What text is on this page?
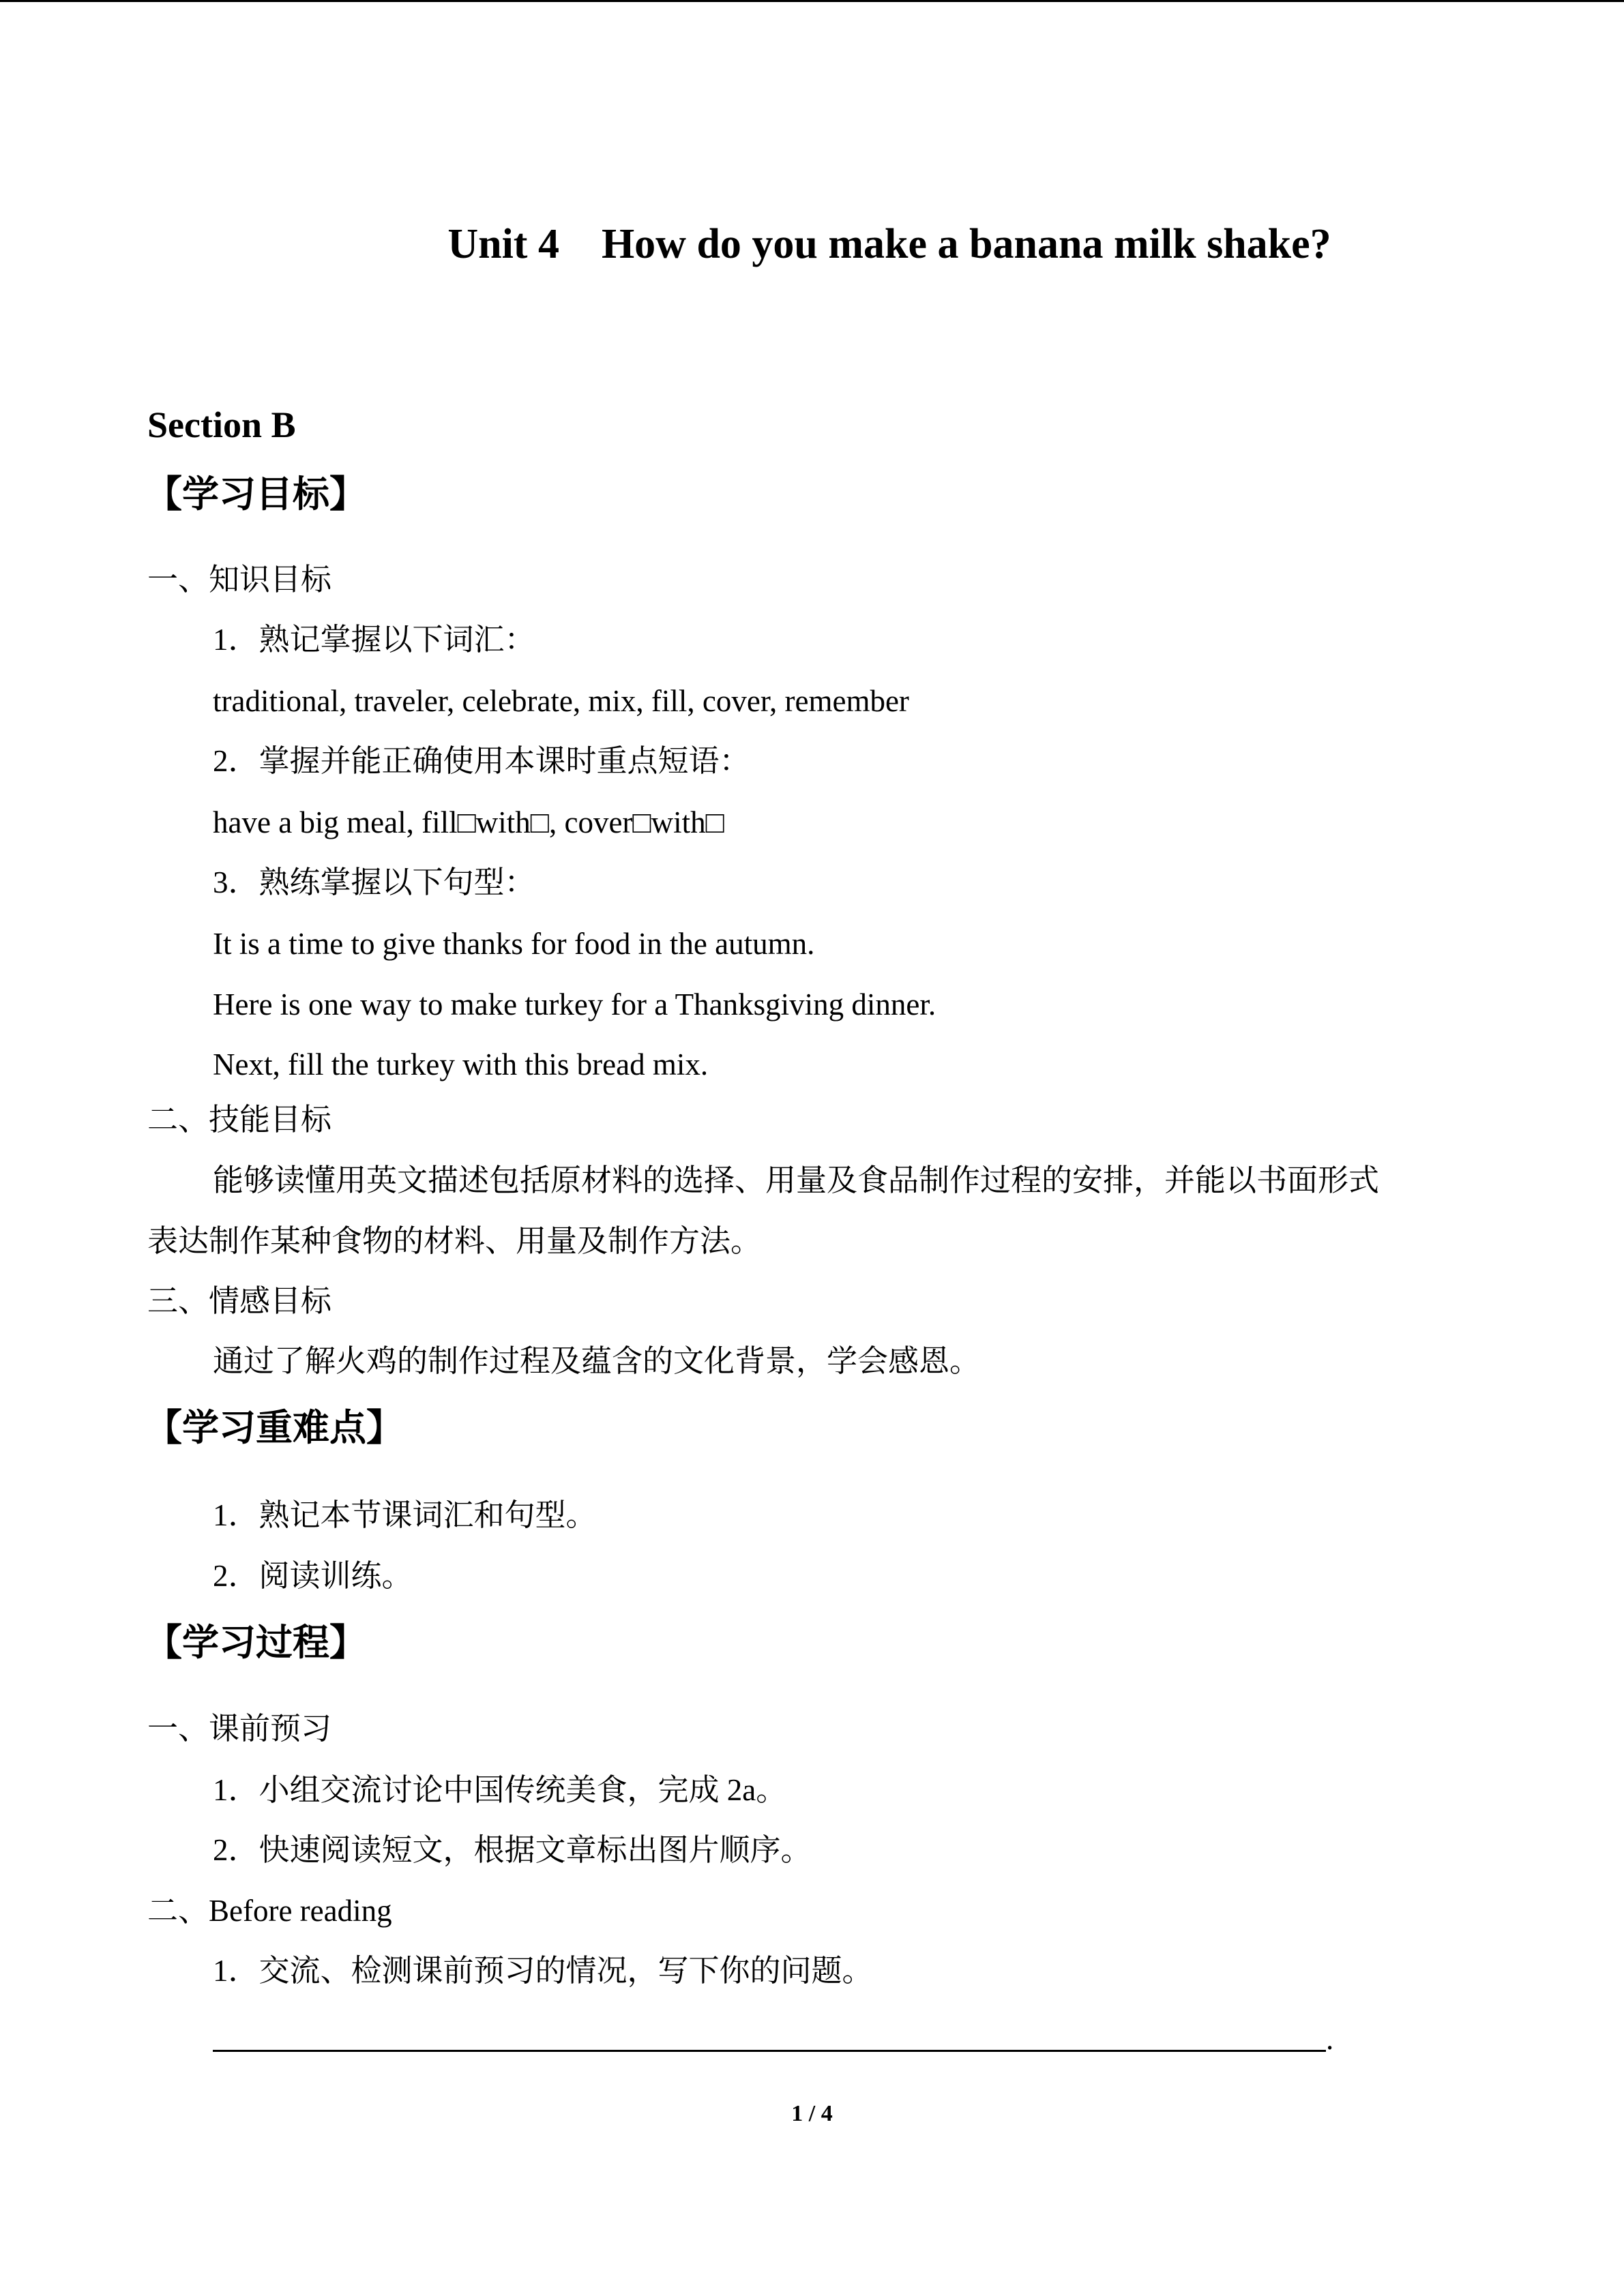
Unit 4    How do you make a banana milk shake?
Section B
【学习目标】
一、知识目标
1．熟记掌握以下词汇：
traditional, traveler, celebrate, mix, fill, cover, remember
2．掌握并能正确使用本课时重点短语：
have a big meal, fill□with□, cover□with□
3．熟练掌握以下句型：
It is a time to give thanks for food in the autumn.
Here is one way to make turkey for a Thanksgiving dinner.
Next, fill the turkey with this bread mix.
二、技能目标
能够读懂用英文描述包括原材料的选择、用量及食品制作过程的安排，并能以书面形式
表达制作某种食物的材料、用量及制作方法。
三、情感目标
通过了解火鸡的制作过程及蕴含的文化背景，学会感恩。
【学习重难点】
1．熟记本节课词汇和句型。
2．阅读训练。
【学习过程】
一、课前预习
1．小组交流讨论中国传统美食，完成 2a。
2．快速阅读短文，根据文章标出图片顺序。
二、Before reading
1．交流、检测课前预习的情况，写下你的问题。
.
1 / 4
